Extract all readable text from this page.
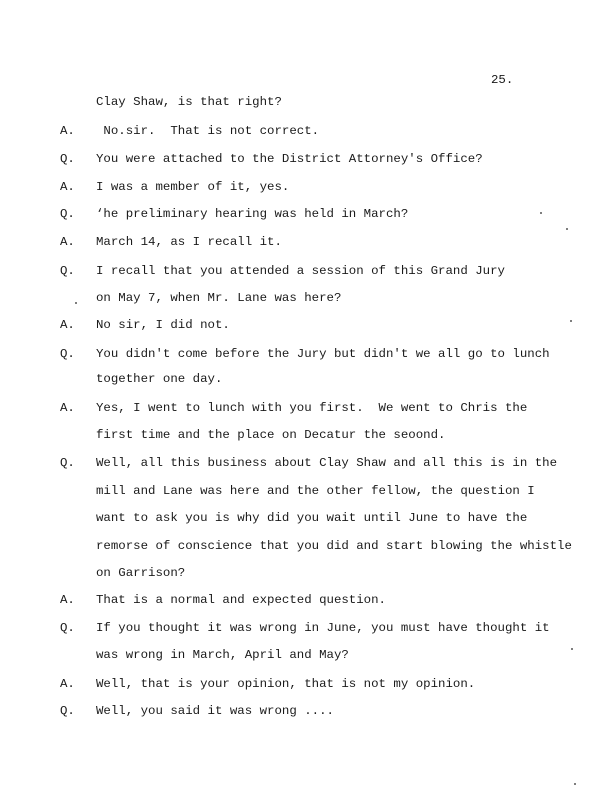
25.
Clay Shaw, is that right?
A. No.sir.  That is not correct.
Q. You were attached to the District Attorney's Office?
A. I was a member of it, yes.
Q. ‘he preliminary hearing was held in March?
A. March 14, as I recall it.
Q. I recall that you attended a session of this Grand Jury
on May 7, when Mr. Lane was here?
A. No sir, I did not.
Q. You didn't come before the Jury but didn't we all go to lunch
together one day.
A. Yes, I went to lunch with you first.  We went to Chris the
first time and the place on Decatur the seoond.
Q. Well, all this business about Clay Shaw and all this is in the
mill and Lane was here and the other fellow, the question I
want to ask you is why did you wait until June to have the
remorse of conscience that you did and start blowing the whistle
on Garrison?
A. That is a normal and expected question.
Q. If you thought it was wrong in June, you must have thought it
was wrong in March, April and May?
A. Well, that is your opinion, that is not my opinion.
Q. Well, you said it was wrong ....
